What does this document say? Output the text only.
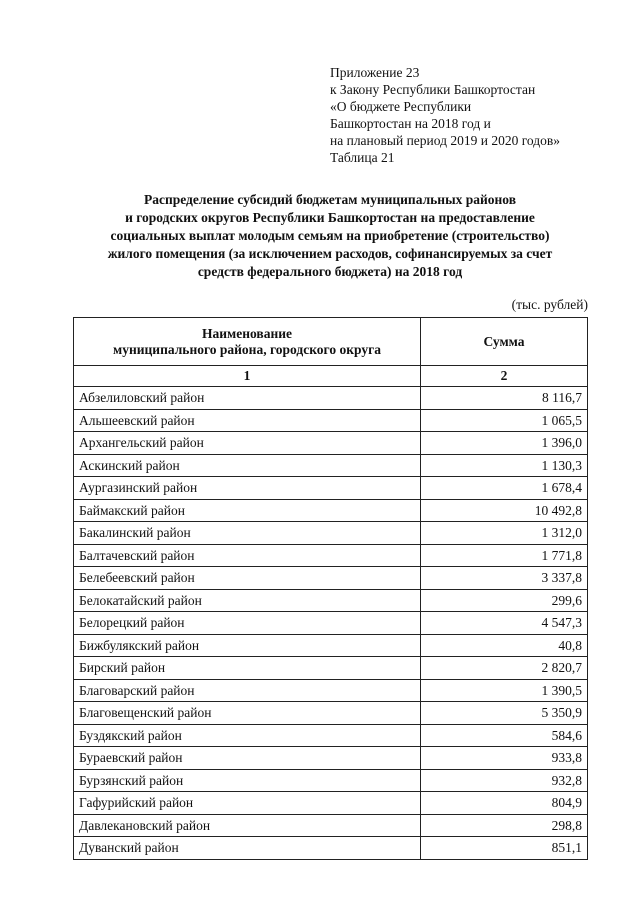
Приложение 23
к Закону Республики Башкортостан
«О бюджете Республики
Башкортостан на 2018 год и
на плановый период 2019 и 2020 годов»
Таблица 21
Распределение субсидий бюджетам муниципальных районов
и городских округов Республики Башкортостан на предоставление
социальных выплат молодым семьям на приобретение (строительство)
жилого помещения (за исключением расходов, софинансируемых за счет
средств федерального бюджета) на 2018 год
(тыс. рублей)
Наименование
муниципального района, городского округа	Сумма
1	2
Абзелиловский район	8 116,7
Альшеевский район	1 065,5
Архангельский район	1 396,0
Аскинский район	1 130,3
Аургазинский район	1 678,4
Баймакский район	10 492,8
Бакалинский район	1 312,0
Балтачевский район	1 771,8
Белебеевский район	3 337,8
Белокатайский район	299,6
Белорецкий район	4 547,3
Бижбулякский район	40,8
Бирский район	2 820,7
Благоварский район	1 390,5
Благовещенский район	5 350,9
Буздякский район	584,6
Бураевский район	933,8
Бурзянский район	932,8
Гафурийский район	804,9
Давлекановский район	298,8
Дуванский район	851,1
